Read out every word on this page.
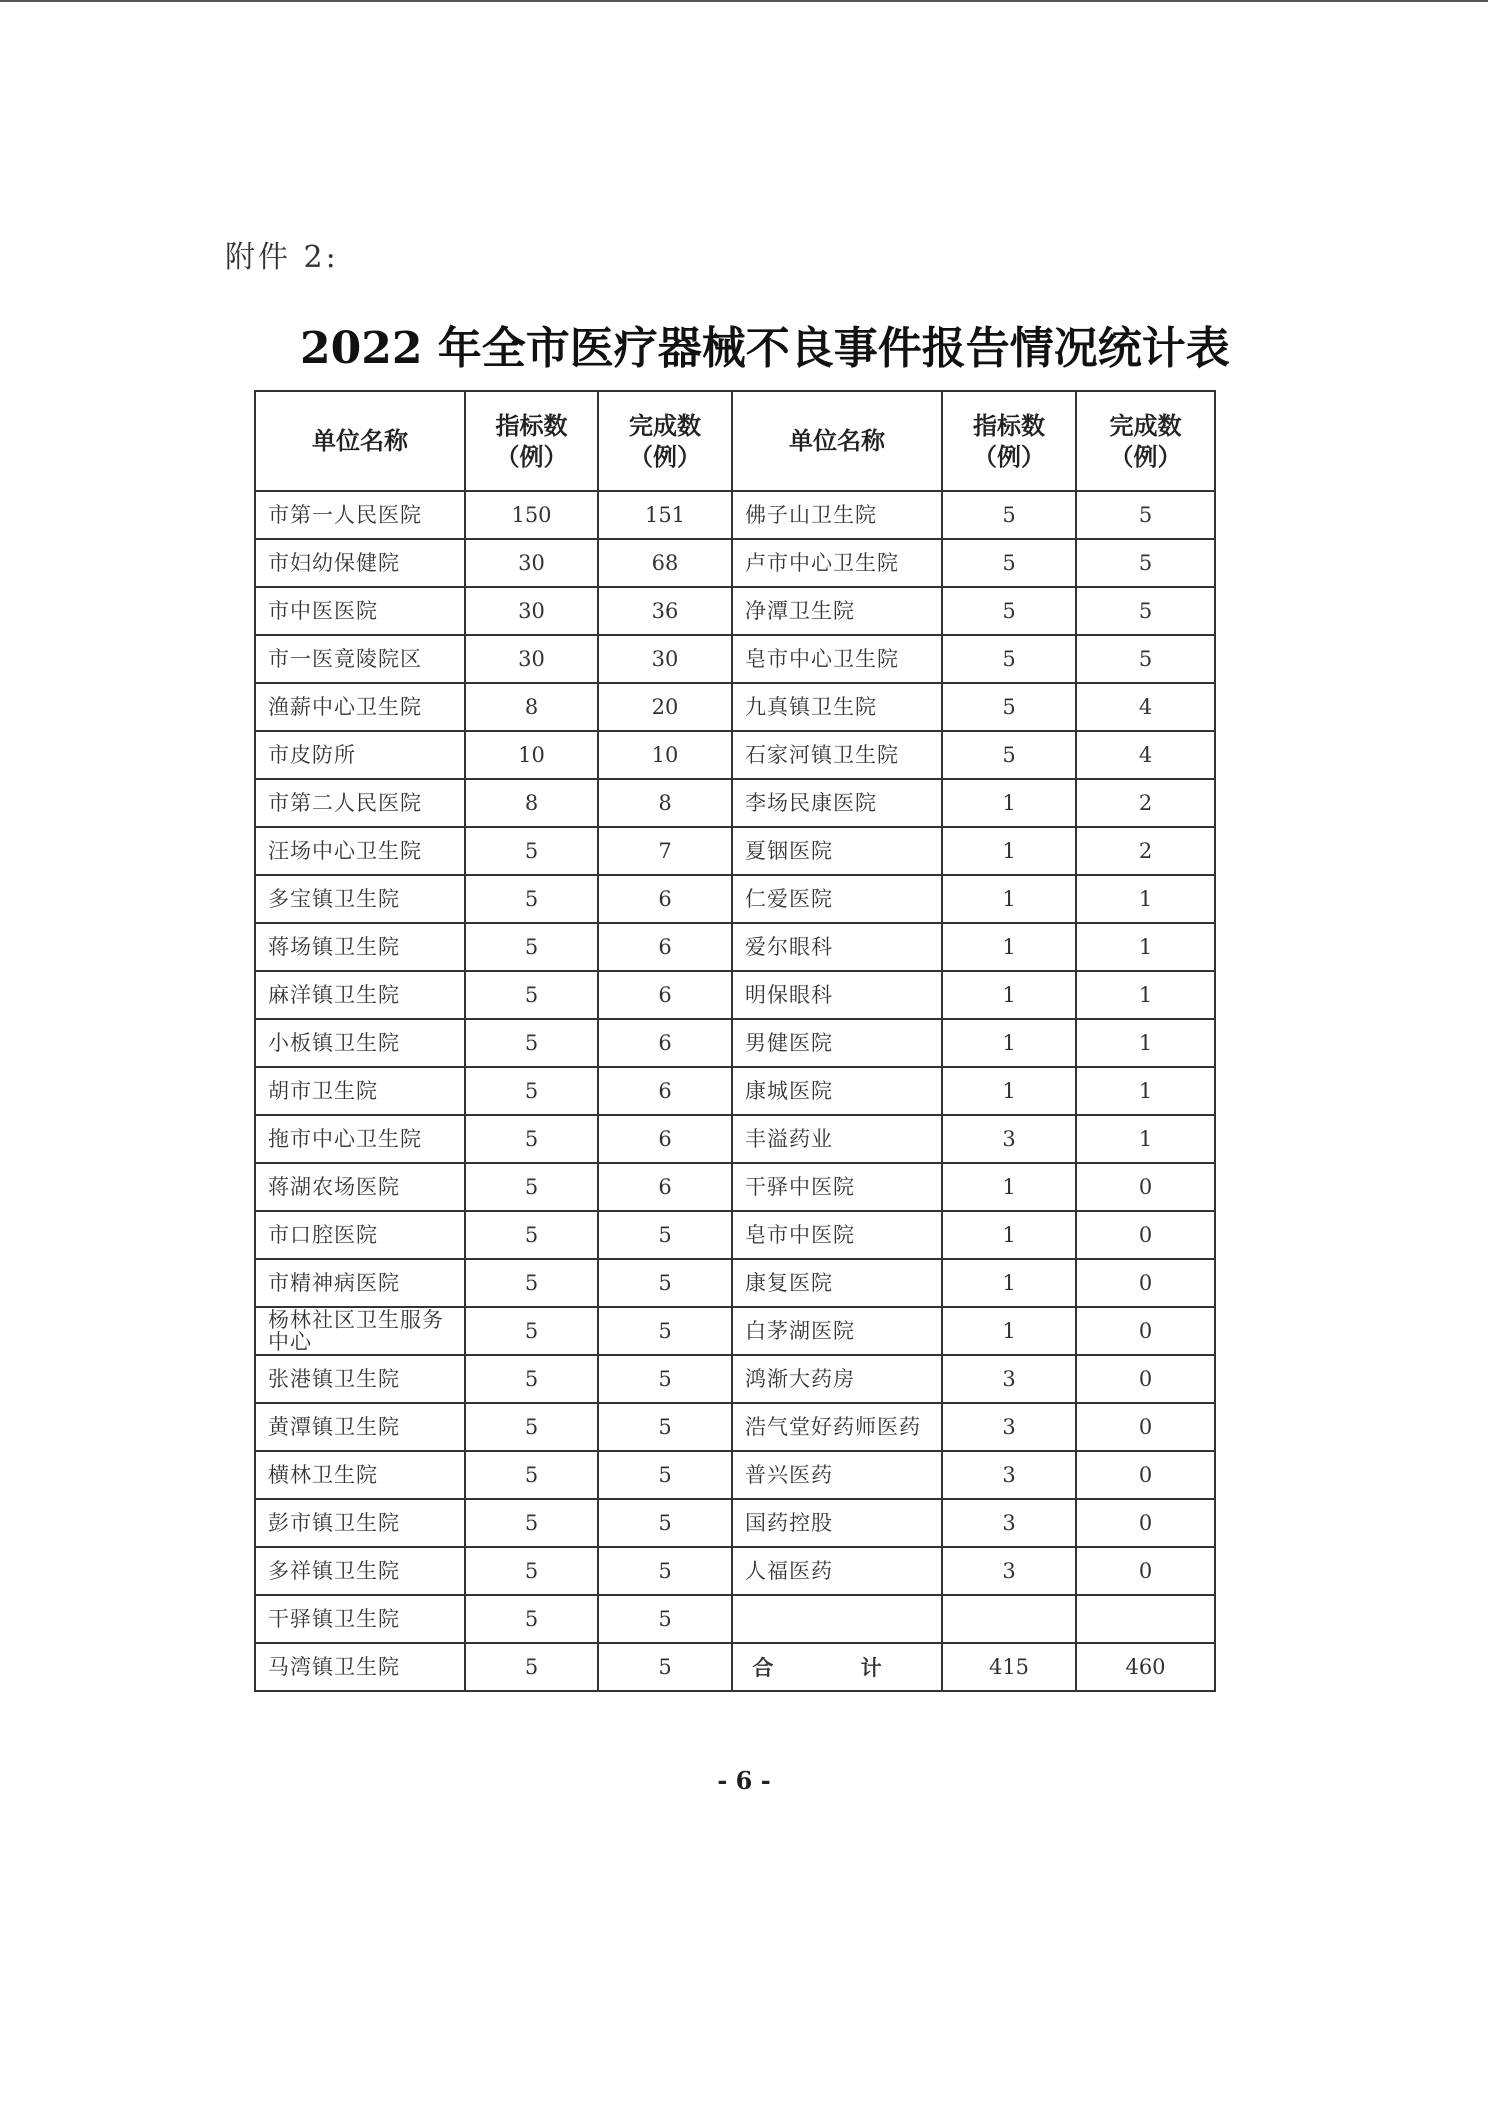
附件 2:
2022 年全市医疗器械不良事件报告情况统计表
单位名称	指标数（例）	完成数（例）	单位名称	指标数（例）	完成数（例）
市第一人民医院	150	151	佛子山卫生院	5	5
市妇幼保健院	30	68	卢市中心卫生院	5	5
市中医医院	30	36	净潭卫生院	5	5
市一医竟陵院区	30	30	皂市中心卫生院	5	5
渔薪中心卫生院	8	20	九真镇卫生院	5	4
市皮防所	10	10	石家河镇卫生院	5	4
市第二人民医院	8	8	李场民康医院	1	2
汪场中心卫生院	5	7	夏铟医院	1	2
多宝镇卫生院	5	6	仁爱医院	1	1
蒋场镇卫生院	5	6	爱尔眼科	1	1
麻洋镇卫生院	5	6	明保眼科	1	1
小板镇卫生院	5	6	男健医院	1	1
胡市卫生院	5	6	康城医院	1	1
拖市中心卫生院	5	6	丰溢药业	3	1
蒋湖农场医院	5	6	干驿中医院	1	0
市口腔医院	5	5	皂市中医院	1	0
市精神病医院	5	5	康复医院	1	0
杨林社区卫生服务中心	5	5	白茅湖医院	1	0
张港镇卫生院	5	5	鸿渐大药房	3	0
黄潭镇卫生院	5	5	浩气堂好药师医药	3	0
横林卫生院	5	5	普兴医药	3	0
彭市镇卫生院	5	5	国药控股	3	0
多祥镇卫生院	5	5	人福医药	3	0
干驿镇卫生院	5	5			
马湾镇卫生院	5	5	合 计	415	460
- 6 -
